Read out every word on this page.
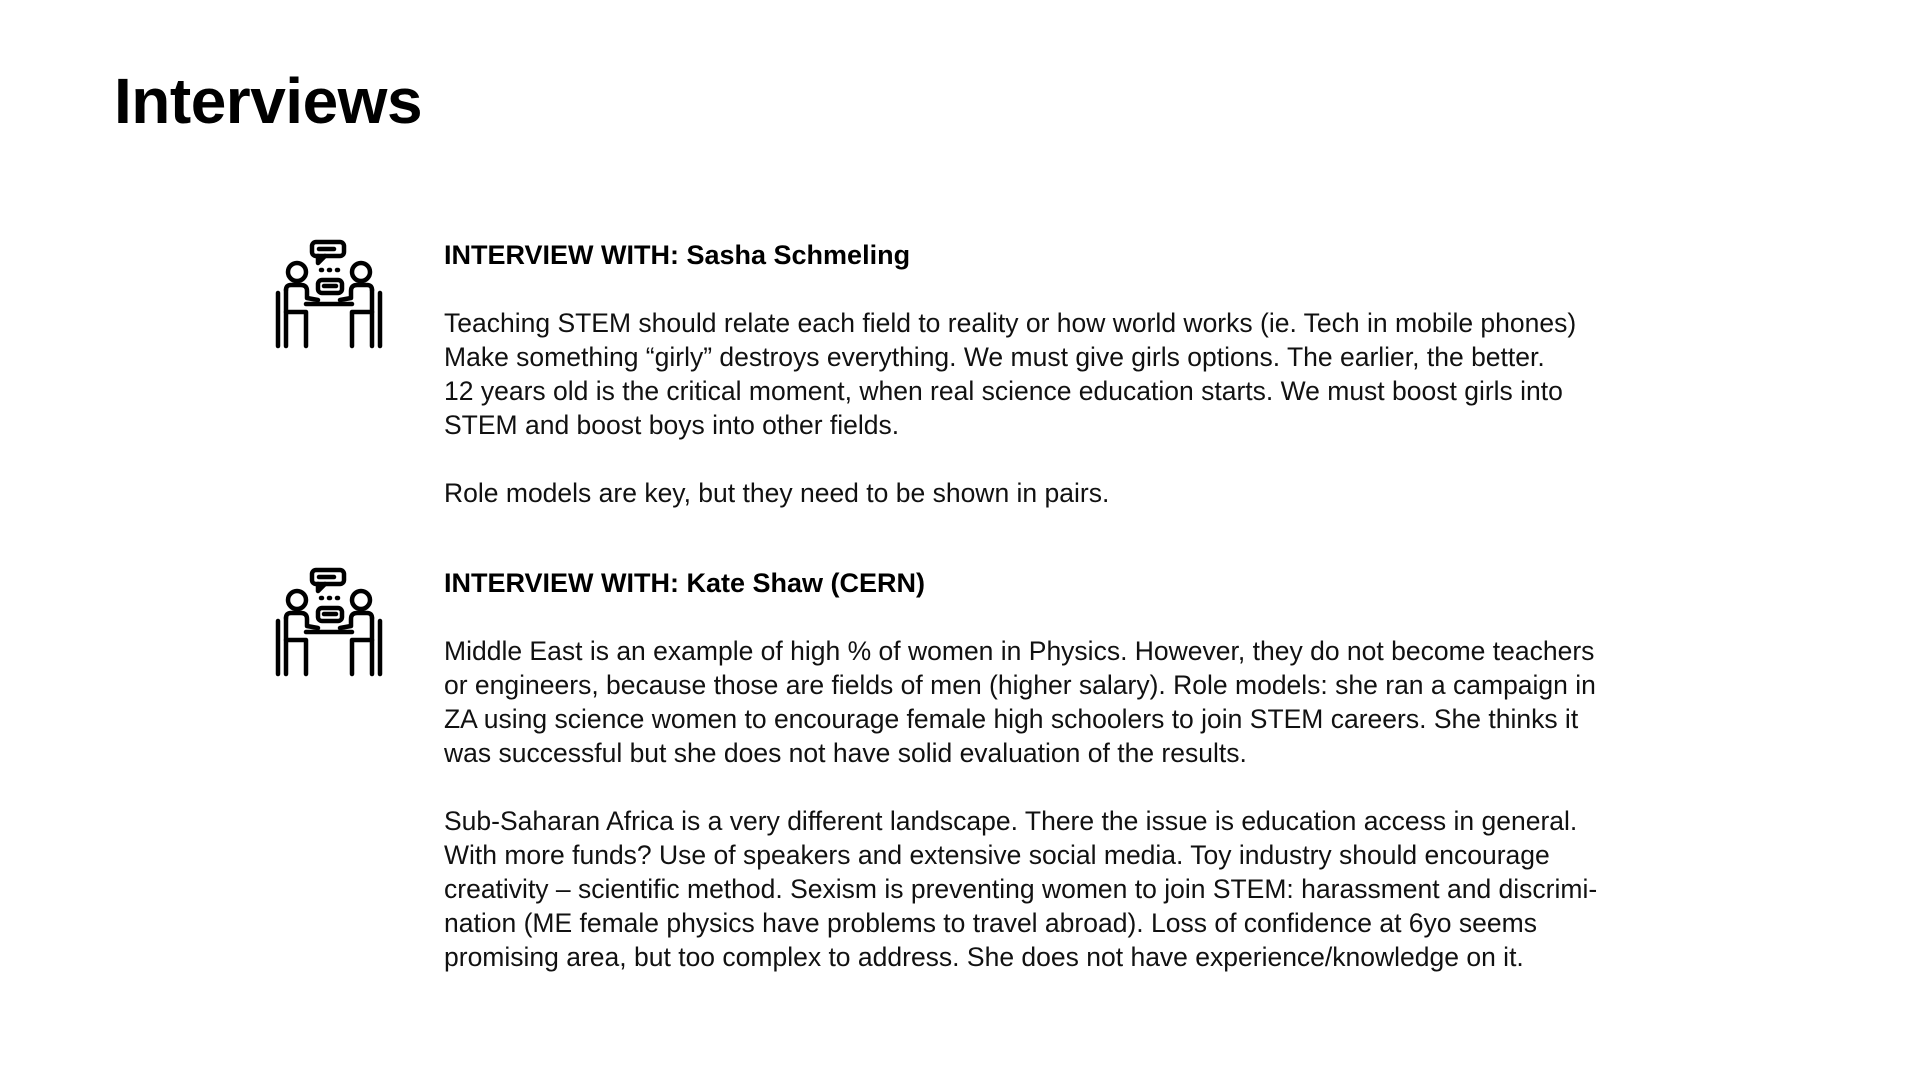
Interviews
INTERVIEW WITH: Sasha Schmeling

Teaching STEM should relate each field to reality or how world works (ie. Tech in mobile phones)
Make something “girly” destroys everything. We must give girls options. The earlier, the better.
12 years old is the critical moment, when real science education starts. We must boost girls into
STEM and boost boys into other fields.

Role models are key, but they need to be shown in pairs.

INTERVIEW WITH: Kate Shaw (CERN)

Middle East is an example of high % of women in Physics. However, they do not become teachers
or engineers, because those are fields of men (higher salary). Role models: she ran a campaign in
ZA using science women to encourage female high schoolers to join STEM careers. She thinks it
was successful but she does not have solid evaluation of the results.

Sub-Saharan Africa is a very different landscape. There the issue is education access in general.
With more funds? Use of speakers and extensive social media. Toy industry should encourage
creativity – scientific method. Sexism is preventing women to join STEM: harassment and discrimi-
nation (ME female physics have problems to travel abroad). Loss of confidence at 6yo seems
promising area, but too complex to address. She does not have experience/knowledge on it.
